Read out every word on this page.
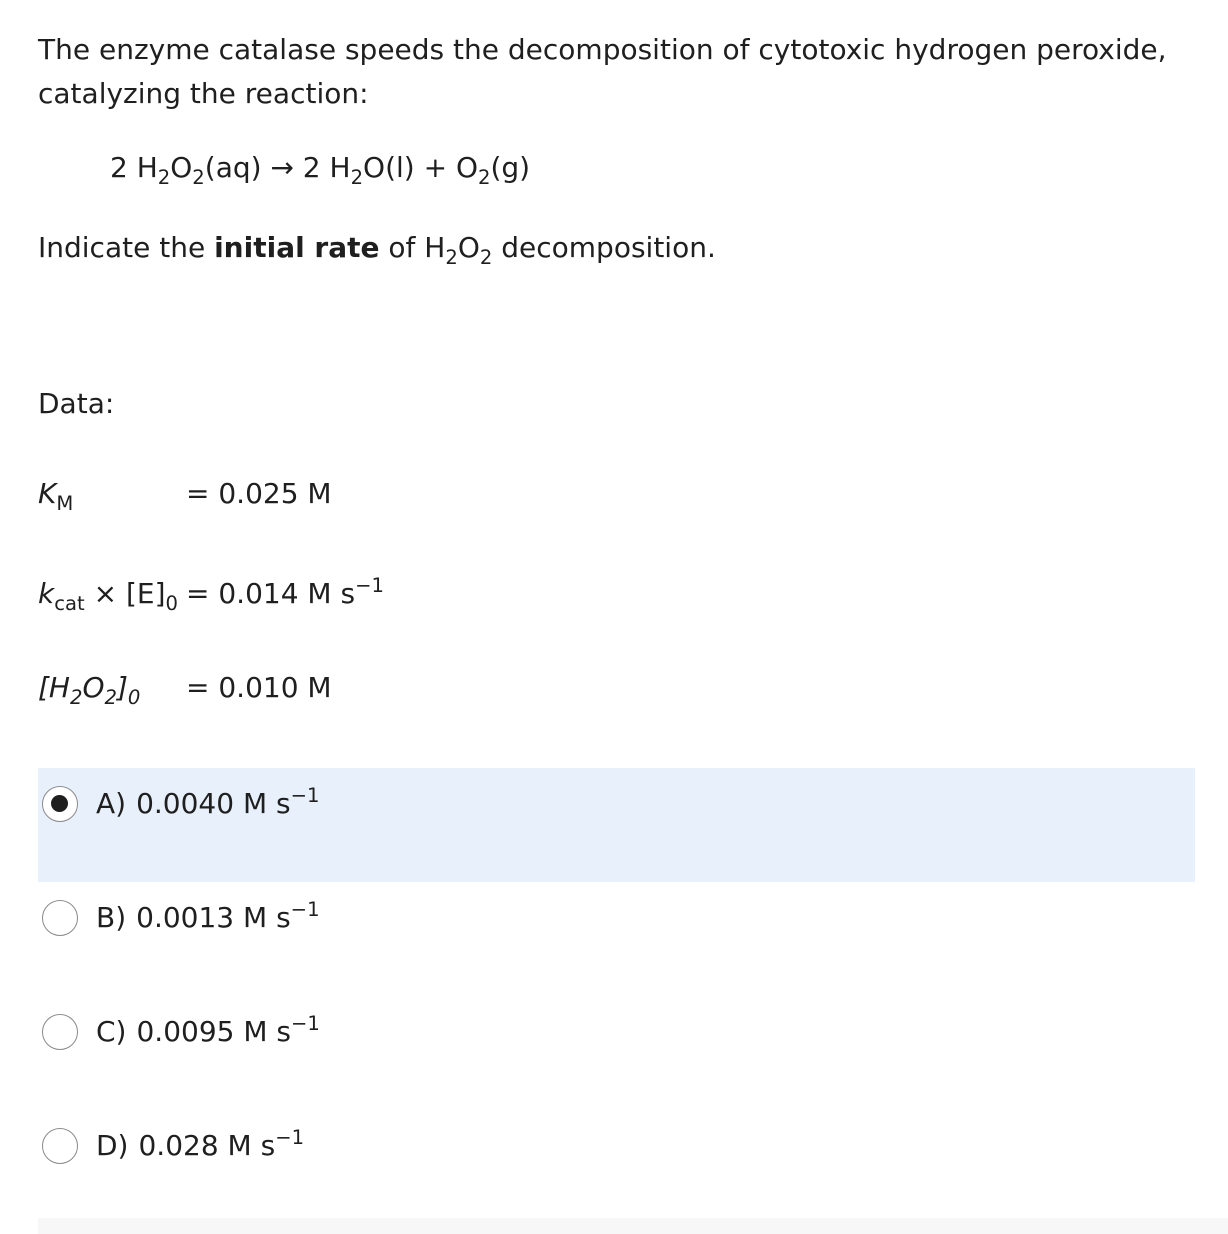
The enzyme catalase speeds the decomposition of cytotoxic hydrogen peroxide, catalyzing the reaction:
2 $H_2O_2(aq) \to 2$ $H_2O(l) + O_2(g)$
Indicate the initial rate of $H_2O_2$ decomposition.
Data:
$K_M$	= 0.025 M
$k_{cat} \times [E]_0 = 0.014$ M $s^{-1}$
$[H_2O_2]_0 = 0.010$ M
A) 0.0040 M $s^{-1}$
B) 0.0013 M $s^{-1}$
C) 0.0095 M $s^{-1}$
D) 0.028 M $s^{-1}$
